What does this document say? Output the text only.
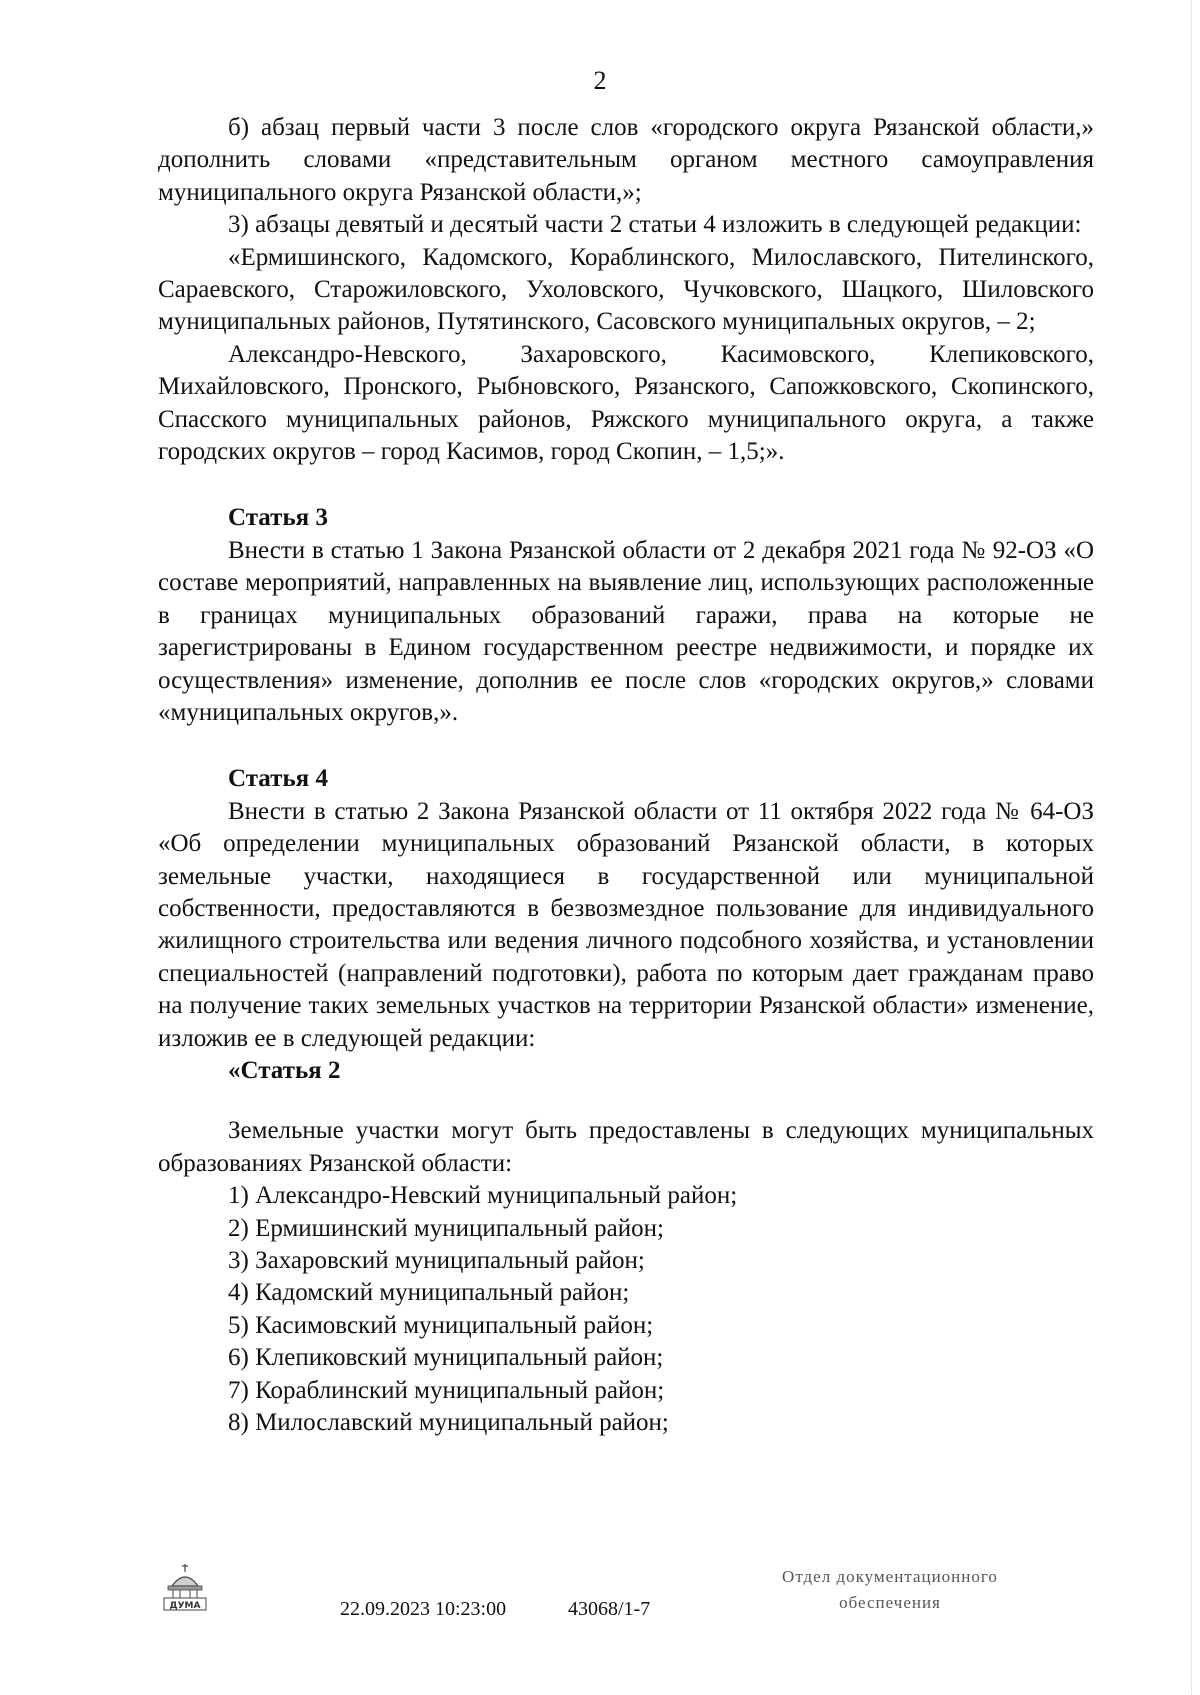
2

б) абзац первый части 3 после слов «городского округа Рязанской области,» дополнить словами «представительным органом местного самоуправления муниципального округа Рязанской области,»;

3) абзацы девятый и десятый части 2 статьи 4 изложить в следующей редакции:

«Ермишинского, Кадомского, Кораблинского, Милославского, Пителинского, Сараевского, Старожиловского, Ухоловского, Чучковского, Шацкого, Шиловского муниципальных районов, Путятинского, Сасовского муниципальных округов, – 2;

Александро-Невского, Захаровского, Касимовского, Клепиковского, Михайловского, Пронского, Рыбновского, Рязанского, Сапожковского, Скопинского, Спасского муниципальных районов, Ряжского муниципального округа, а также городских округов – город Касимов, город Скопин, – 1,5;».

Статья 3

Внести в статью 1 Закона Рязанской области от 2 декабря 2021 года № 92-ОЗ «О составе мероприятий, направленных на выявление лиц, использующих расположенные в границах муниципальных образований гаражи, права на которые не зарегистрированы в Едином государственном реестре недвижимости, и порядке их осуществления» изменение, дополнив ее после слов «городских округов,» словами «муниципальных округов,».

Статья 4

Внести в статью 2 Закона Рязанской области от 11 октября 2022 года № 64-ОЗ «Об определении муниципальных образований Рязанской области, в которых земельные участки, находящиеся в государственной или муниципальной собственности, предоставляются в безвозмездное пользование для индивидуального жилищного строительства или ведения личного подсобного хозяйства, и установлении специальностей (направлений подготовки), работа по которым дает гражданам право на получение таких земельных участков на территории Рязанской области» изменение, изложив ее в следующей редакции:

«Статья 2

Земельные участки могут быть предоставлены в следующих муниципальных образованиях Рязанской области:

1) Александро-Невский муниципальный район;
2) Ермишинский муниципальный район;
3) Захаровский муниципальный район;
4) Кадомский муниципальный район;
5) Касимовский муниципальный район;
6) Клепиковский муниципальный район;
7) Кораблинский муниципальный район;
8) Милославский муниципальный район;
ДУМА	22.09.2023 10:23:00	43068/1-7
Отдел документационного
обеспечения
